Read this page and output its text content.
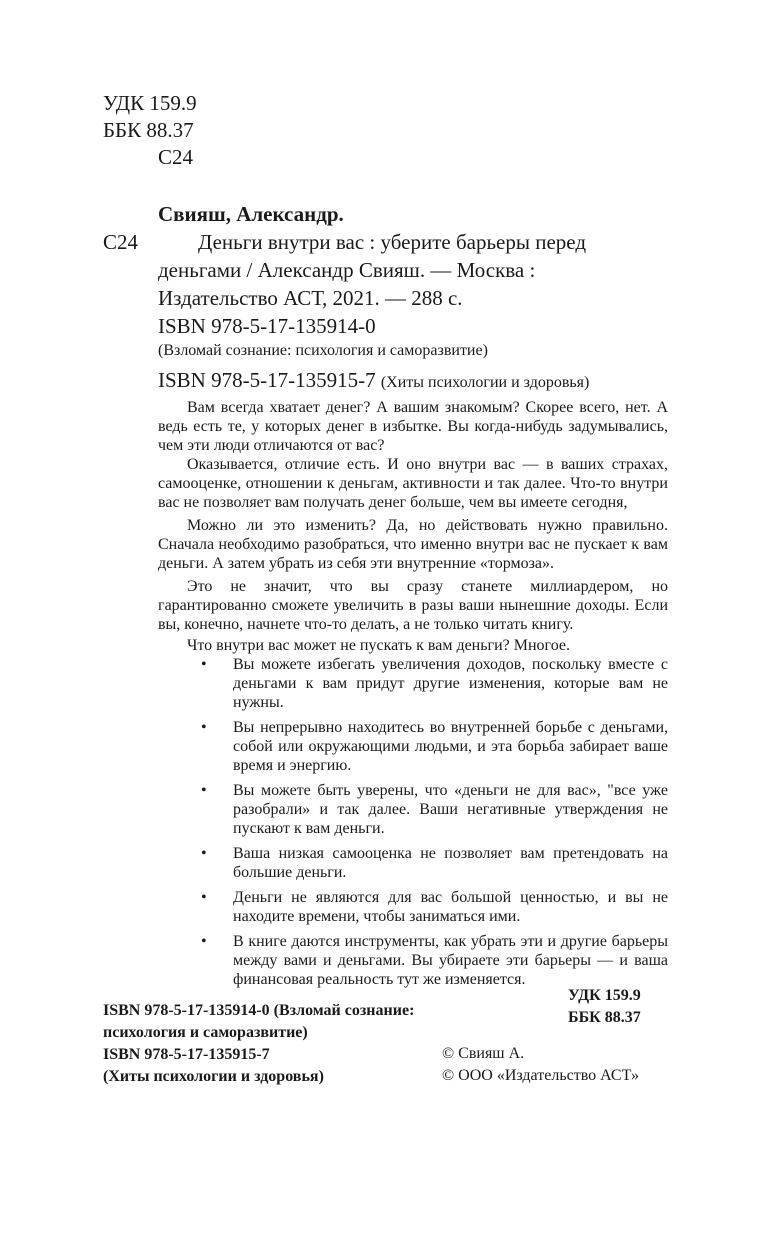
УДК 159.9
ББК 88.37
С24
Свияш, Александр.
С24	Деньги внутри вас : уберите барьеры перед
деньгами / Александр Свияш. — Москва :
Издательство АСТ, 2021. — 288 с.
ISBN 978-5-17-135914-0
(Взломай сознание: психология и саморазвитие)
ISBN 978-5-17-135915-7 (Хиты психологии и здоровья)

Вам всегда хватает денег? А вашим знакомым? Скорее всего, нет. А ведь есть те, у которых денег в избытке. Вы когда-нибудь задумывались, чем эти люди отличаются от вас?

Оказывается, отличие есть. И оно внутри вас — в ваших страхах, самооценке, отношении к деньгам, активности и так далее. Что-то внутри вас не позволяет вам получать денег больше, чем вы имеете сегодня,

Можно ли это изменить? Да, но действовать нужно правильно. Сначала необходимо разобраться, что именно внутри вас не пускает к вам деньги. А затем убрать из себя эти внутренние «тормоза».

Это не значит, что вы сразу станете миллиардером, но гарантированно сможете увеличить в разы ваши нынешние доходы. Если вы, конечно, начнете что-то делать, а не только читать книгу.

Что внутри вас может не пускать к вам деньги? Многое.

• Вы можете избегать увеличения доходов, поскольку вместе с деньгами к вам придут другие изменения, которые вам не нужны.
• Вы непрерывно находитесь во внутренней борьбе с деньгами, собой или окружающими людьми, и эта борьба забирает ваше время и энергию.
• Вы можете быть уверены, что «деньги не для вас», "все уже разобрали» и так далее. Ваши негативные утверждения не пускают к вам деньги.
• Ваша низкая самооценка не позволяет вам претендовать на большие деньги.
• Деньги не являются для вас большой ценностью, и вы не находите времени, чтобы заниматься ими.
• В книге даются инструменты, как убрать эти и другие барьеры между вами и деньгами. Вы убираете эти барьеры — и ваша финансовая реальность тут же изменяется.
ISBN 978-5-17-135914-0 (Взломай сознание:
психология и саморазвитие)
ISBN 978-5-17-135915-7
(Хиты психологии и здоровья)
УДК 159.9
ББК 88.37
© Свияш А.
© ООО «Издательство АСТ»
